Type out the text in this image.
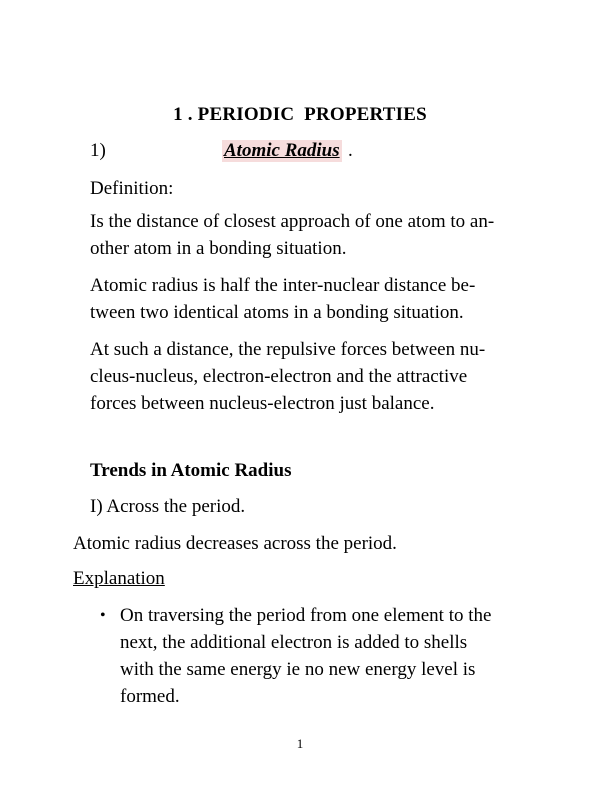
1 . PERIODIC  PROPERTIES
1)	Atomic Radius .
Definition:
Is the distance of closest approach of one atom to an-
other atom in a bonding situation.
Atomic radius is half the inter-nuclear distance be-
tween two identical atoms in a bonding situation.
At such a distance, the repulsive forces between nu-
cleus-nucleus, electron-electron and the attractive
forces between nucleus-electron just balance.
Trends in Atomic Radius
I) Across the period.
Atomic radius decreases across the period.
Explanation
• On traversing the period from one element to the
next, the additional electron is added to shells
with the same energy ie no new energy level is
formed.
1
